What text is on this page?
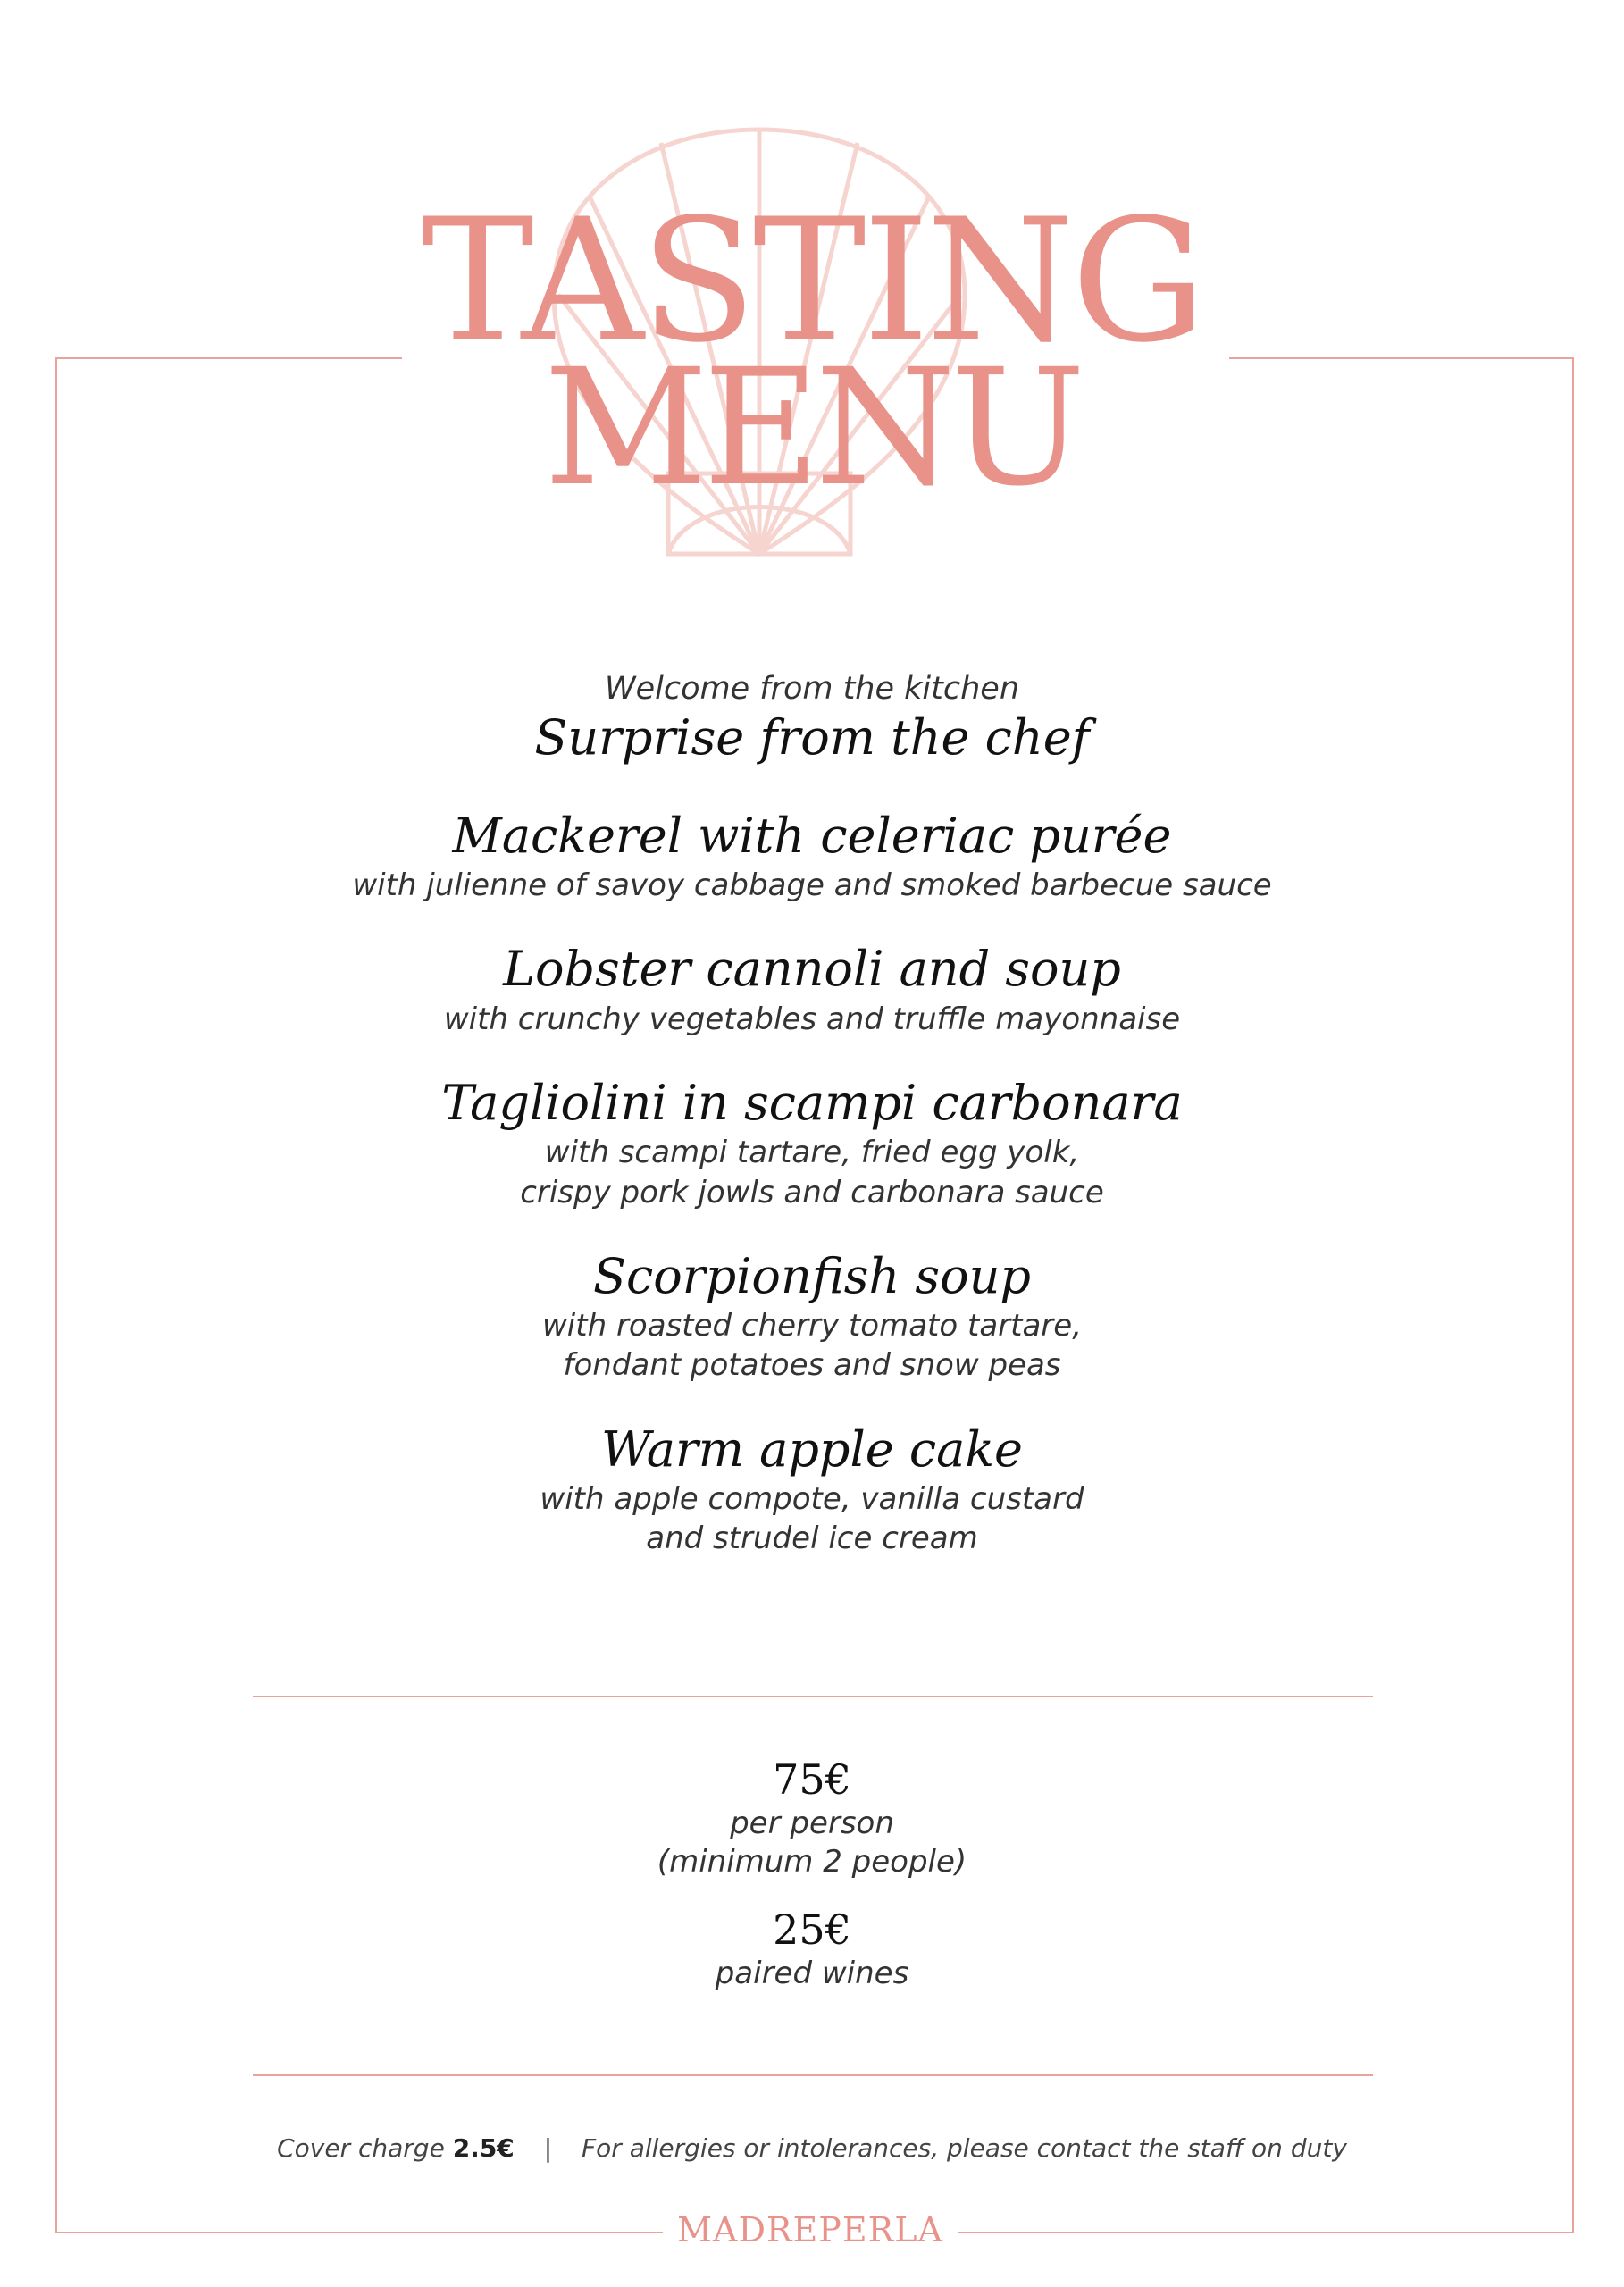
TASTING
MENU

Welcome from the kitchen

Surprise from the chef

Mackerel with celeriac purée

with julienne of savoy cabbage and smoked barbecue sauce

Lobster cannoli and soup

with crunchy vegetables and truffle mayonnaise

Tagliolini in scampi carbonara

with scampi tartare, fried egg yolk,

crispy pork jowls and carbonara sauce

Scorpionfish soup

with roasted cherry tomato tartare,

fondant potatoes and snow peas

Warm apple cake

with apple compote, vanilla custard

and strudel ice cream

75€

per person

(minimum 2 people)

25€

paired wines

Cover charge 2.5€ | For allergies or intolerances, please contact the staff on duty
MADREPERLA
